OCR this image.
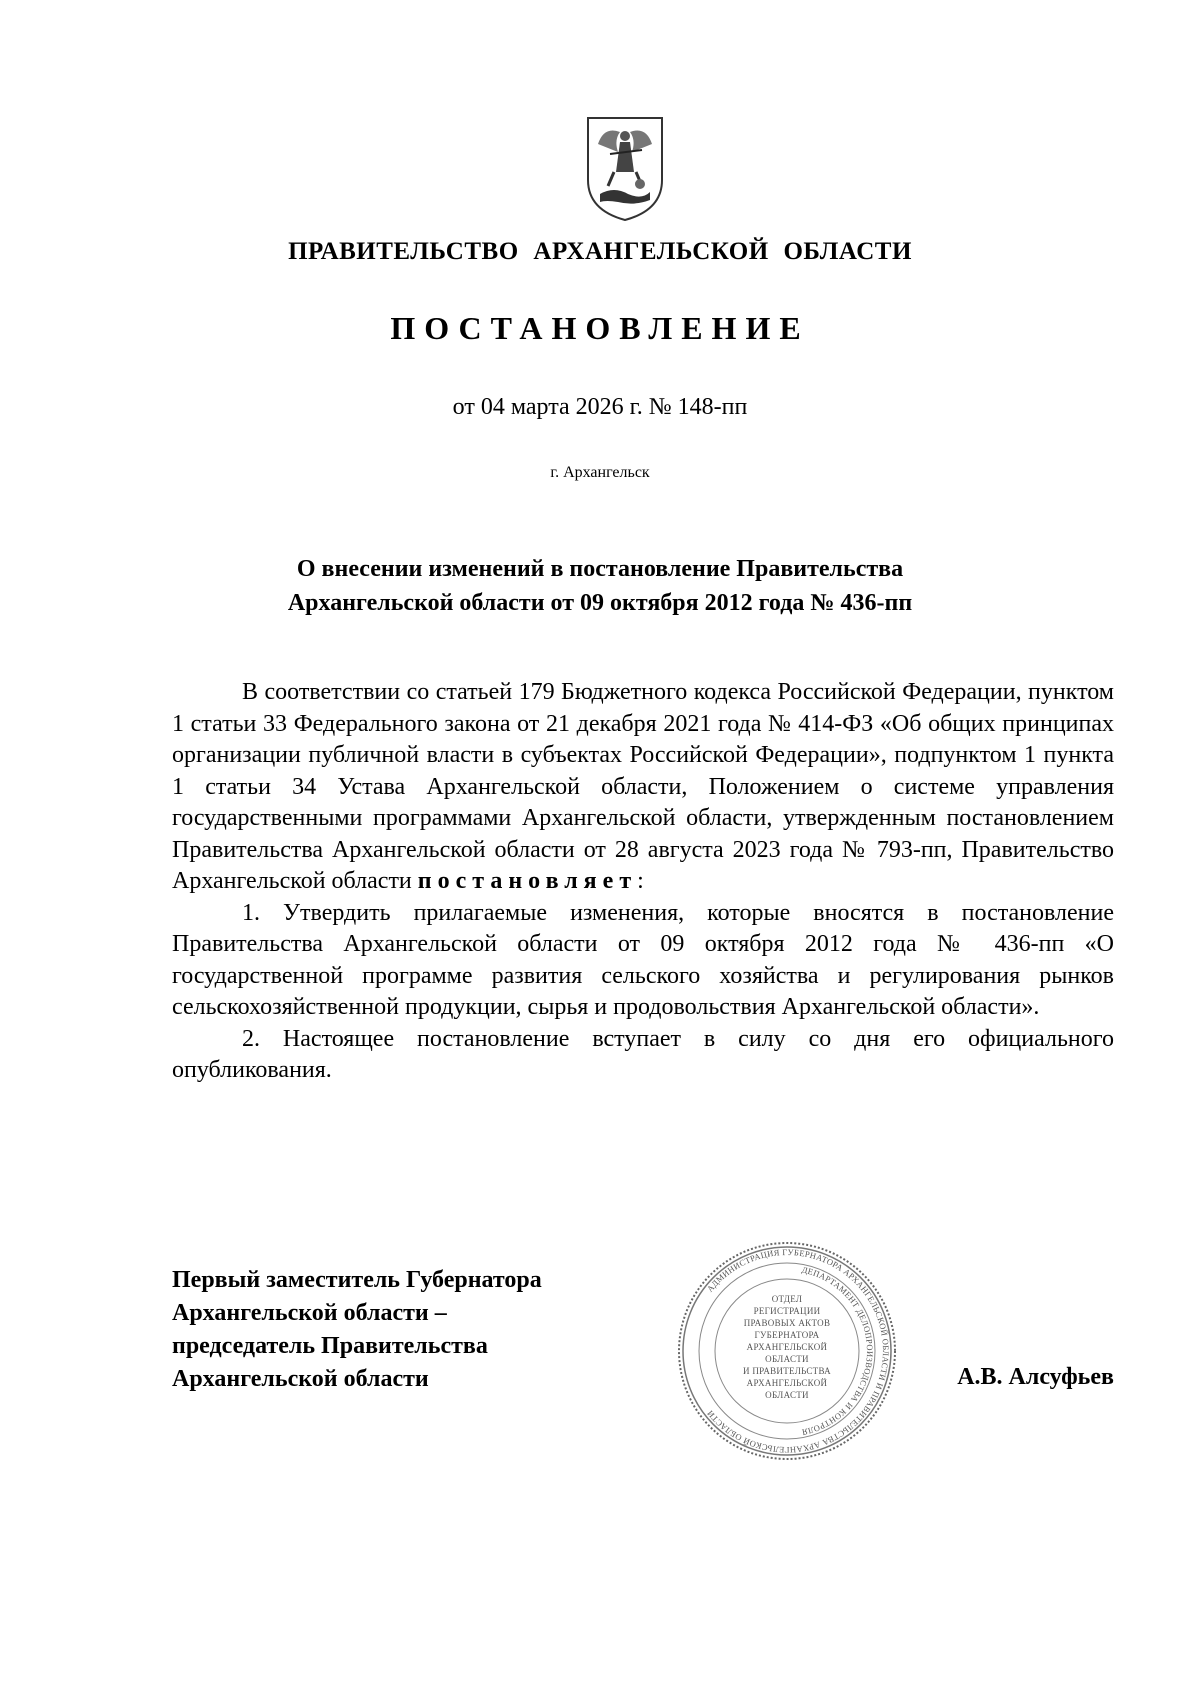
ПРАВИТЕЛЬСТВО АРХАНГЕЛЬСКОЙ ОБЛАСТИ
ПОСТАНОВЛЕНИЕ
от 04 марта 2026 г. № 148-пп
г. Архангельск
О внесении изменений в постановление Правительства
Архангельской области от 09 октября 2012 года № 436-пп

В соответствии со статьей 179 Бюджетного кодекса Российской Федерации, пунктом 1 статьи 33 Федерального закона от 21 декабря 2021 года № 414-ФЗ «Об общих принципах организации публичной власти в субъектах Российской Федерации», подпунктом 1 пункта 1 статьи 34 Устава Архангельской области, Положением о системе управления государственными программами Архангельской области, утвержденным постановлением Правительства Архангельской области от 28 августа 2023 года № 793-пп, Правительство Архангельской области постановляет:

1. Утвердить прилагаемые изменения, которые вносятся в постановление Правительства Архангельской области от 09 октября 2012 года № 436-пп «О государственной программе развития сельского хозяйства и регулирования рынков сельскохозяйственной продукции, сырья и продовольствия Архангельской области».

2. Настоящее постановление вступает в силу со дня его официального опубликования.

Первый заместитель Губернатора
Архангельской области –
председатель Правительства
Архангельской области
АДМИНИСТРАЦИЯ ГУБЕРНАТОРА АРХАНГЕЛЬСКОЙ ОБЛАСТИ И ПРАВИТЕЛЬСТВА АРХАНГЕЛЬСКОЙ ОБЛАСТИ
ДЕПАРТАМЕНТ ДЕЛОПРОИЗВОДСТВА И КОНТРОЛЯ
ОТДЕЛ
РЕГИСТРАЦИИ
ПРАВОВЫХ АКТОВ
ГУБЕРНАТОРА
АРХАНГЕЛЬСКОЙ
ОБЛАСТИ
И ПРАВИТЕЛЬСТВА
АРХАНГЕЛЬСКОЙ
ОБЛАСТИ
А.В. Алсуфьев
